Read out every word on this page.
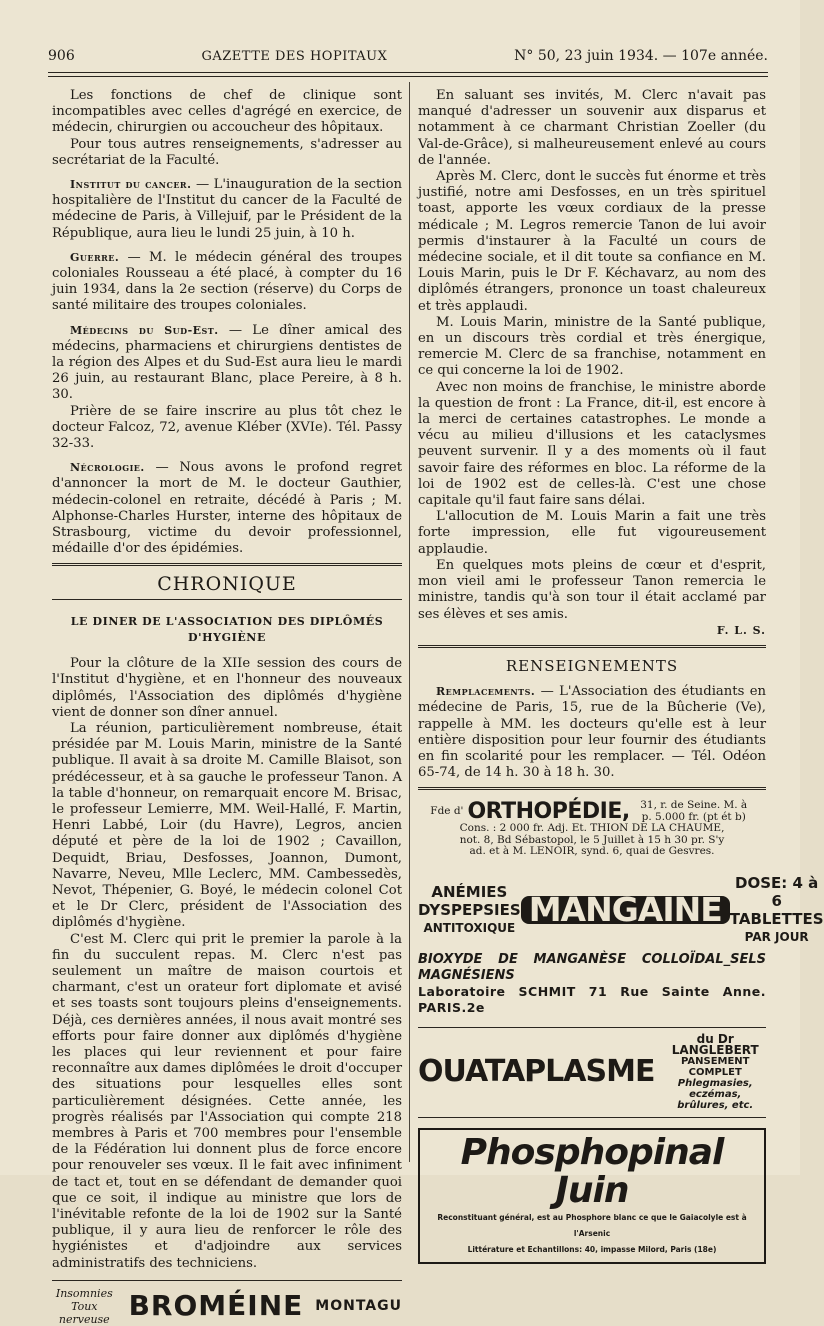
906	GAZETTE DES HOPITAUX	N° 50, 23 juin 1934. — 107e année.

Les fonctions de chef de clinique sont incompatibles avec celles d'agrégé en exercice, de médecin, chirurgien ou accoucheur des hôpitaux.

Pour tous autres renseignements, s'adresser au secrétariat de la Faculté.

Institut du cancer. — L'inauguration de la section hospitalière de l'Institut du cancer de la Faculté de médecine de Paris, à Villejuif, par le Président de la République, aura lieu le lundi 25 juin, à 10 h.

Guerre. — M. le médecin général des troupes coloniales Rousseau a été placé, à compter du 16 juin 1934, dans la 2e section (réserve) du Corps de santé militaire des troupes coloniales.

Médecins du Sud-Est. — Le dîner amical des médecins, pharmaciens et chirurgiens dentistes de la région des Alpes et du Sud-Est aura lieu le mardi 26 juin, au restaurant Blanc, place Pereire, à 8 h. 30.

Prière de se faire inscrire au plus tôt chez le docteur Falcoz, 72, avenue Kléber (XVIe). Tél. Passy 32-33.

Nécrologie. — Nous avons le profond regret d'annoncer la mort de M. le docteur Gauthier, médecin-colonel en retraite, décédé à Paris ; M. Alphonse-Charles Hurster, interne des hôpitaux de Strasbourg, victime du devoir professionnel, médaille d'or des épidémies.

CHRONIQUE
LE DINER DE L'ASSOCIATION DES DIPLÔMÉS D'HYGIÈNE

Pour la clôture de la XIIe session des cours de l'Institut d'hygiène, et en l'honneur des nouveaux diplômés, l'Association des diplômés d'hygiène vient de donner son dîner annuel.

La réunion, particulièrement nombreuse, était présidée par M. Louis Marin, ministre de la Santé publique. Il avait à sa droite M. Camille Blaisot, son prédécesseur, et à sa gauche le professeur Tanon. A la table d'honneur, on remarquait encore M. Brisac, le professeur Lemierre, MM. Weil-Hallé, F. Martin, Henri Labbé, Loir (du Havre), Legros, ancien député et père de la loi de 1902 ; Cavaillon, Dequidt, Briau, Desfosses, Joannon, Dumont, Navarre, Neveu, Mlle Leclerc, MM. Cambessedès, Nevot, Thépenier, G. Boyé, le médecin colonel Cot et le Dr Clerc, président de l'Association des diplômés d'hygiène.

C'est M. Clerc qui prit le premier la parole à la fin du succulent repas. M. Clerc n'est pas seulement un maître de maison courtois et charmant, c'est un orateur fort diplomate et avisé et ses toasts sont toujours pleins d'enseignements. Déjà, ces dernières années, il nous avait montré ses efforts pour faire donner aux diplômés d'hygiène les places qui leur reviennent et pour faire reconnaître aux dames diplômées le droit d'occuper des situations pour lesquelles elles sont particulièrement désignées. Cette année, les progrès réalisés par l'Association qui compte 218 membres à Paris et 700 membres pour l'ensemble de la Fédération lui donnent plus de force encore pour renouveler ses vœux. Il le fait avec infiniment de tact et, tout en se défendant de demander quoi que ce soit, il indique au ministre que lors de l'inévitable refonte de la loi de 1902 sur la Santé publique, il y aura lieu de renforcer le rôle des hygiénistes et d'adjoindre aux services administratifs des techniciens.

Insomnies
Toux nerveuse BROMÉINE MONTAGU

En saluant ses invités, M. Clerc n'avait pas manqué d'adresser un souvenir aux disparus et notamment à ce charmant Christian Zoeller (du Val-de-Grâce), si malheureusement enlevé au cours de l'année.

Après M. Clerc, dont le succès fut énorme et très justifié, notre ami Desfosses, en un très spirituel toast, apporte les vœux cordiaux de la presse médicale ; M. Legros remercie Tanon de lui avoir permis d'instaurer à la Faculté un cours de médecine sociale, et il dit toute sa confiance en M. Louis Marin, puis le Dr F. Kéchavarz, au nom des diplômés étrangers, prononce un toast chaleureux et très applaudi.

M. Louis Marin, ministre de la Santé publique, en un discours très cordial et très énergique, remercie M. Clerc de sa franchise, notamment en ce qui concerne la loi de 1902.

Avec non moins de franchise, le ministre aborde la question de front : La France, dit-il, est encore à la merci de certaines catastrophes. Le monde a vécu au milieu d'illusions et les cataclysmes peuvent survenir. Il y a des moments où il faut savoir faire des réformes en bloc. La réforme de la loi de 1902 est de celles-là. C'est une chose capitale qu'il faut faire sans délai.

L'allocution de M. Louis Marin a fait une très forte impression, elle fut vigoureusement applaudie.

En quelques mots pleins de cœur et d'esprit, mon vieil ami le professeur Tanon remercia le ministre, tandis qu'à son tour il était acclamé par ses élèves et ses amis.

F. L. S.
RENSEIGNEMENTS

Remplacements. — L'Association des étudiants en médecine de Paris, 15, rue de la Bûcherie (Ve), rappelle à MM. les docteurs qu'elle est à leur entière disposition pour leur fournir des étudiants en fin scolarité pour les remplacer. — Tél. Odéon 65-74, de 14 h. 30 à 18 h. 30.

Fde d' ORTHOPÉDIE,	31, r. de Seine. M. à p. 5.000 fr. (pt ét b)
Cons. : 2 000 fr. Adj. Et. THION DE LA CHAUME,
not. 8, Bd Sébastopol, le 5 Juillet à 15 h 30 pr. S'y
ad. et à M. LENOIR, synd. 6, quai de Gesvres.
ANÉMIES
DYSPEPSIES
ANTITOXIQUE MANGAINE
DOSE: 4 à 6
TABLETTES
PAR JOUR
BIOXYDE DE MANGANÈSE COLLOÏDAL_SELS MAGNÉSIENS
Laboratoire SCHMIT 71 Rue Sainte Anne. PARIS.2e
OUATAPLASME
du Dr LANGLEBERT
PANSEMENT COMPLET
Phlegmasies, eczémas, brûlures, etc.
Phosphopinal Juin
Reconstituant général, est au Phosphore blanc ce que le Gaiacolyle est à l'Arsenic
Littérature et Echantillons: 40, impasse Milord, Paris (18e)
